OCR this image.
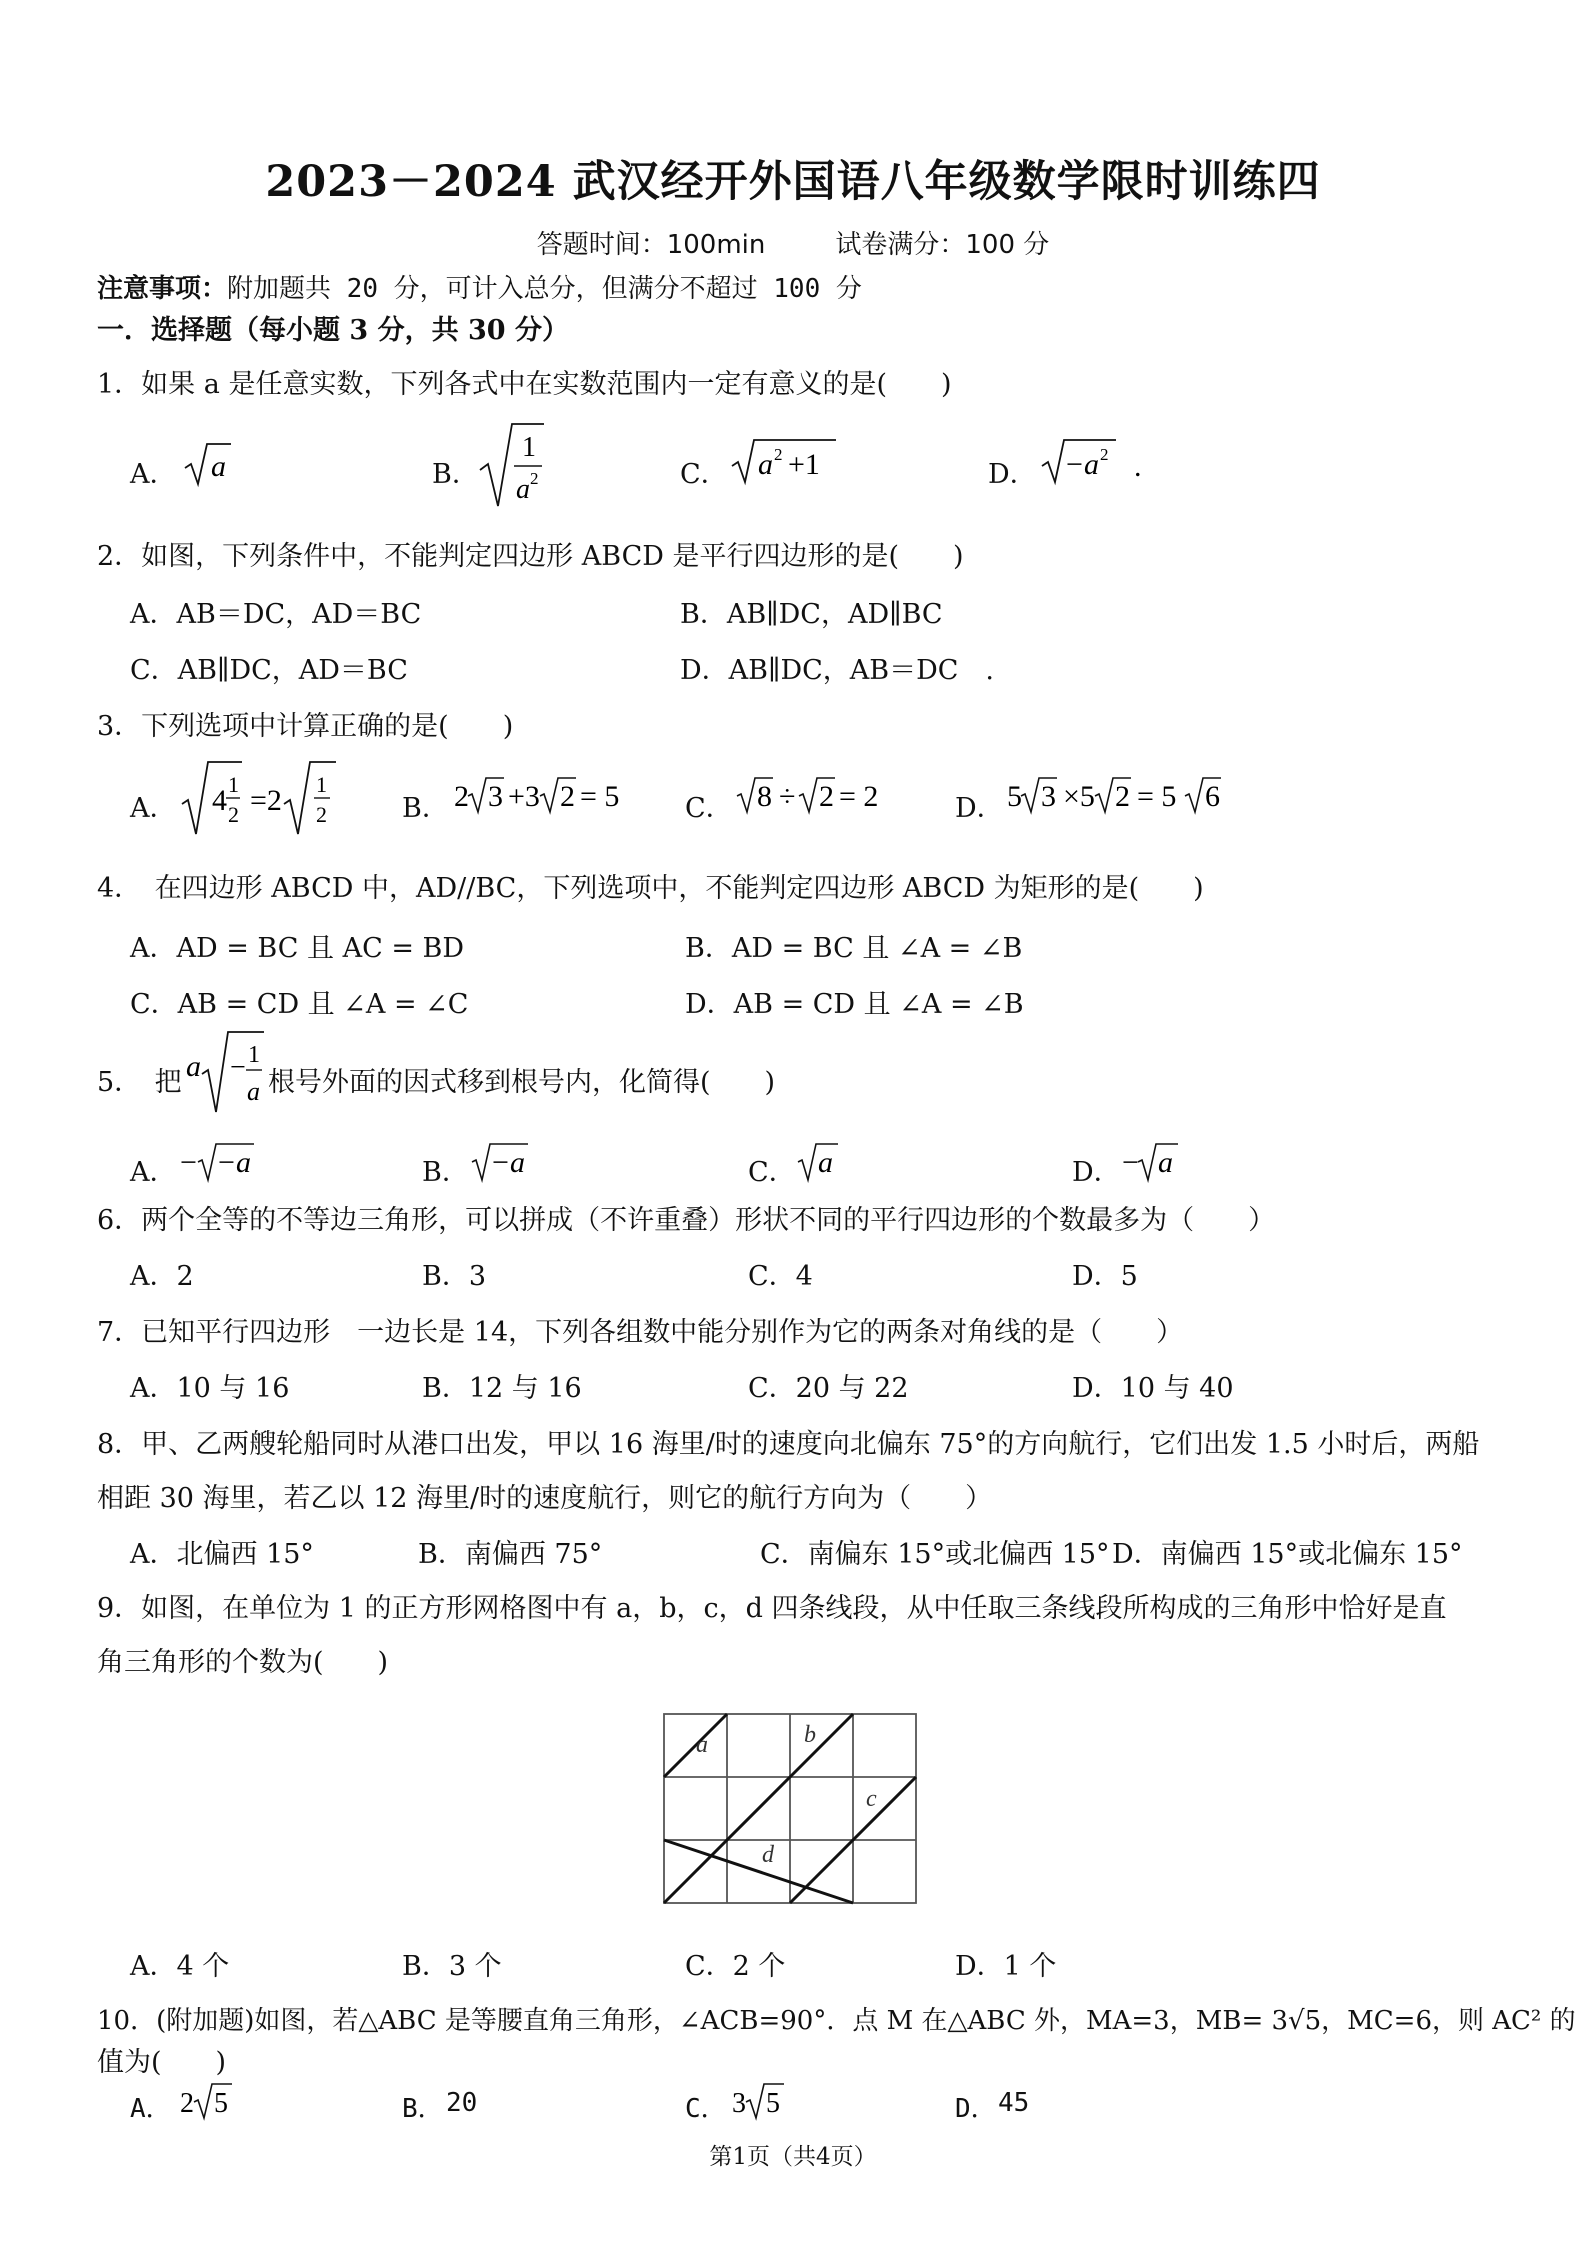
2023－2024 武汉经开外国语八年级数学限时训练四
答题时间：100min	试卷满分：100 分
注意事项：附加题共 20 分，可计入总分，但满分不超过 100 分
一．选择题（每小题 3 分，共 30 分）
1．如果 a 是任意实数，下列各式中在实数范围内一定有意义的是(　　)
A． a	B．
1
a 2	C． a 2 +1	D． − a 2 .
2．如图，下列条件中，不能判定四边形 ABCD 是平行四边形的是(　　)
A．AB＝DC，AD＝BC	B．AB∥DC，AD∥BC
C．AB∥DC，AD＝BC	D．AB∥DC，AB＝DC　.
3．下列选项中计算正确的是(　　)
A． 4 1
2 =2 1
2	B． 2 3 +3 2 = 5 C． 8 ÷ 2 = 2	D． 5 3 ×5 2 = 5 6
4．　在四边形 ABCD 中，AD//BC，下列选项中，不能判定四边形 ABCD 为矩形的是(　　)
A．AD = BC 且 AC = BD	B．AD = BC 且 ∠A = ∠B
C．AB = CD 且 ∠A = ∠C	D．AB = CD 且 ∠A = ∠B
5．　把 a − 1
a 根号外面的因式移到根号内，化简得(　　)
A． − − a	B． − a	C． a	D． − a
6．两个全等的不等边三角形，可以拼成（不许重叠）形状不同的平行四边形的个数最多为（　　）
A．2	B．3	C．4	D．5
7．已知平行四边形　一边长是 14，下列各组数中能分别作为它的两条对角线的是（　　）
A．10 与 16	B．12 与 16	C．20 与 22	D．10 与 40
8．甲、乙两艘轮船同时从港口出发，甲以 16 海里/时的速度向北偏东 75°的方向航行，它们出发 1.5 小时后，两船
相距 30 海里，若乙以 12 海里/时的速度航行，则它的航行方向为（　　）
A．北偏西 15°	B．南偏西 75°	C．南偏东 15°或北偏西 15° D．南偏西 15°或北偏东 15°
9．如图，在单位为 1 的正方形网格图中有 a，b，c，d 四条线段，从中任取三条线段所构成的三角形中恰好是直
角三角形的个数为(　　)
a	b
c
d
A．4 个	B．3 个	C．2 个	D．1 个
10．(附加题)如图，若△ABC 是等腰直角三角形，∠ACB=90°．点 M 在△ABC 外，MA=3，MB= 3√5，MC=6，则 AC² 的
值为(　　)
A． 2 5	B． 20	C． 3 5	D． 45
第1页（共4页）
